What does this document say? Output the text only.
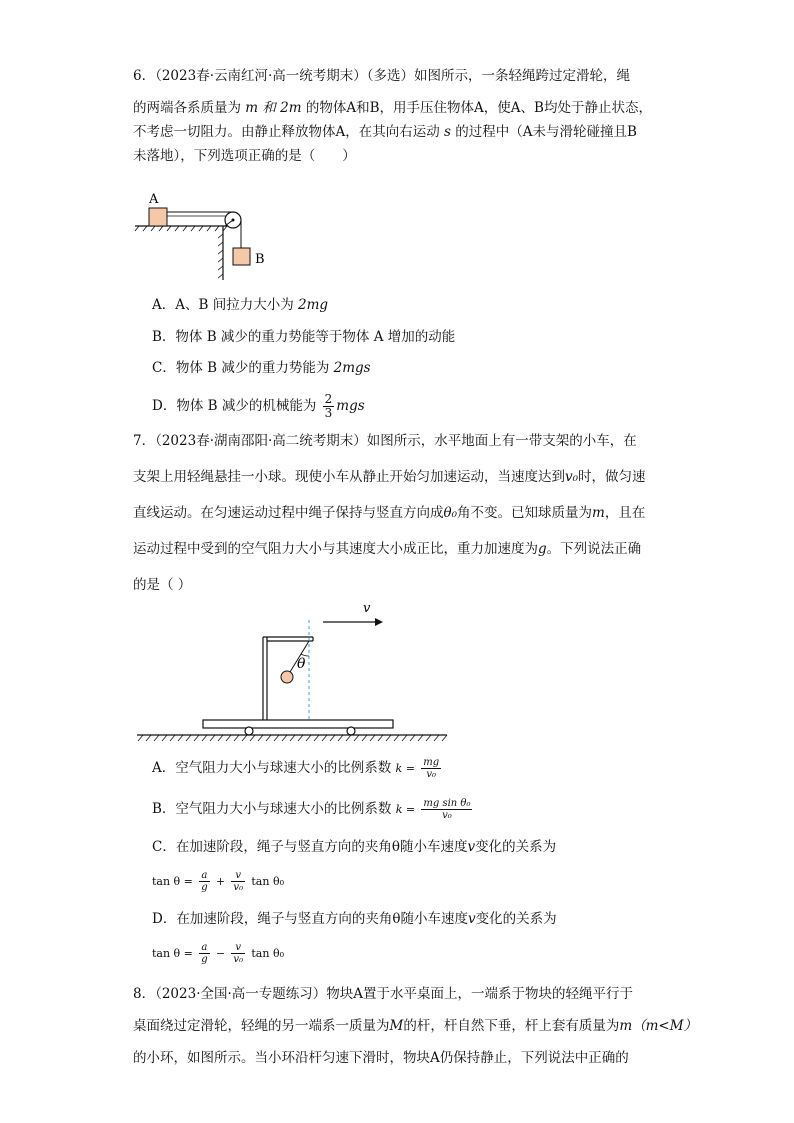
6．（2023春·云南红河·高一统考期末）（多选）如图所示，一条轻绳跨过定滑轮，绳
的两端各系质量为 m 和 2m 的物体A和B，用手压住物体A，使A、B均处于静止状态，
不考虑一切阻力。由静止释放物体A，在其向右运动 s 的过程中（A未与滑轮碰撞且B
未落地），下列选项正确的是（　　）
A
B
A．A、B 间拉力大小为 2mg
B．物体 B 减少的重力势能等于物体 A 增加的动能
C．物体 B 减少的重力势能为 2mgs
D．物体 B 减少的机械能为 $\frac{2}{3}$ mgs
7．（2023春·湖南邵阳·高二统考期末）如图所示，水平地面上有一带支架的小车，在
支架上用轻绳悬挂一小球。现使小车从静止开始匀加速运动，当速度达到v₀时，做匀速
直线运动。在匀速运动过程中绳子保持与竖直方向成θ₀角不变。已知球质量为m，且在
运动过程中受到的空气阻力大小与其速度大小成正比，重力加速度为g。下列说法正确
的是（ ）
v
θ
A．空气阻力大小与球速大小的比例系数 $k = \frac{mg}{\text{v₀}}$
B．空气阻力大小与球速大小的比例系数 $k = \frac{\text{mg sin θ₀}}{\text{v₀}}$
C．在加速阶段，绳子与竖直方向的夹角θ随小车速度v变化的关系为
$\tan \theta = \frac{a}{g} + \frac{v}{\text{v₀}}$ tan θ₀
D．在加速阶段，绳子与竖直方向的夹角θ随小车速度v变化的关系为
$\tan \theta = \frac{a}{g} - \frac{v}{\text{v₀}}$ tan θ₀
8．（2023·全国·高一专题练习）物块A置于水平桌面上，一端系于物块的轻绳平行于
桌面绕过定滑轮，轻绳的另一端系一质量为M的杆，杆自然下垂，杆上套有质量为m（m<M）
的小环，如图所示。当小环沿杆匀速下滑时，物块A仍保持静止，下列说法中正确的
